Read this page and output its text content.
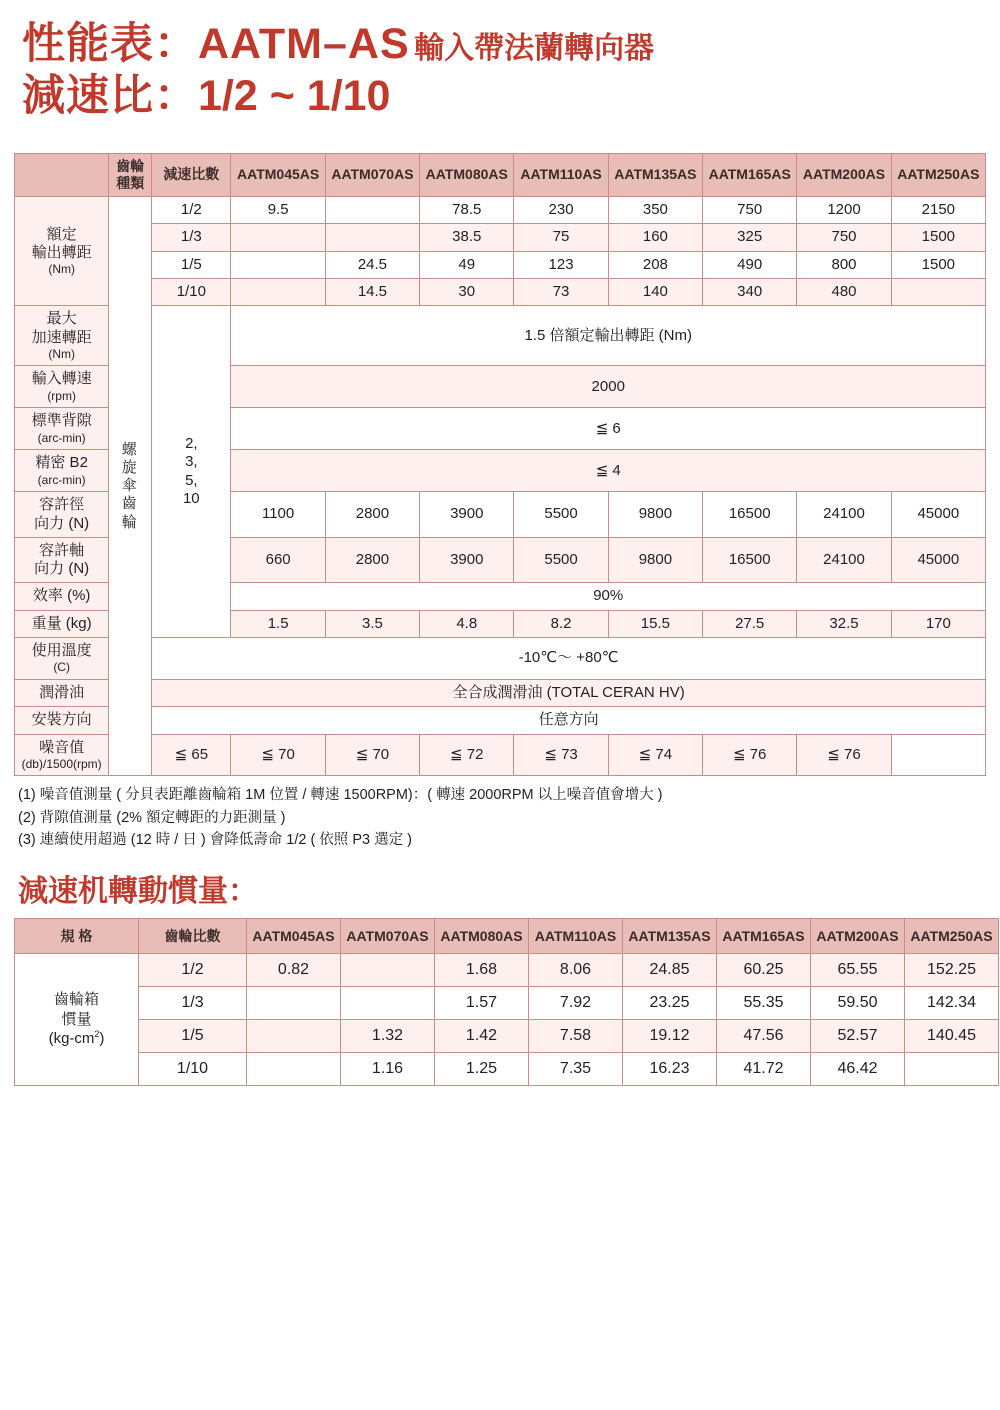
性能表：AATM–AS 輸入帶法蘭轉向器
減速比：1/2 ~ 1/10
	齒輪種類	減速比數	AATM045AS	AATM070AS	AATM080AS	AATM110AS	AATM135AS	AATM165AS	AATM200AS	AATM250AS
額定
輸出轉距

(Nm)	螺
旋
傘
齒
輪	1/2	9.5		78.5	230	350	750	1200	2150
		1/3			38.5	75	160	325	750	1500
		1/5		24.5	49	123	208	490	800	1500
		1/10		14.5	30	73	140	340	480	
最大
加速轉距

(Nm)		2,
3,
5,
10	1.5 倍額定輸出轉距 (Nm)							
輸入轉速

(rpm)			2000							
標準背隙

(arc-min)			≦ 6							
精密 B2

(arc-min)			≦ 4							
容許徑
向力 (N)			1100	2800	3900	5500	9800	16500	24100	45000
容許軸
向力 (N)			660	2800	3900	5500	9800	16500	24100	45000
效率 (%)			90%							
重量 (kg)			1.5	3.5	4.8	8.2	15.5	27.5	32.5	170
使用溫度

(C)		-10℃～ +80℃								
潤滑油		全合成潤滑油 (TOTAL CERAN HV)								
安裝方向		任意方向								
噪音值

(db)/1500(rpm)		≦ 65	≦ 70	≦ 70	≦ 72	≦ 73	≦ 74	≦ 76	≦ 76	
(1) 噪音值測量 ( 分貝表距離齒輪箱 1M 位置 / 轉速 1500RPM)：( 轉速 2000RPM 以上噪音值會增大 )
(2) 背隙值測量 (2% 額定轉距的力距測量 )
(3) 連續使用超過 (12 時 / 日 ) 會降低壽命 1/2 ( 依照 P3 選定 )
減速机轉動慣量：
規 格	齒輪比數	AATM045AS	AATM070AS	AATM080AS	AATM110AS	AATM135AS	AATM165AS	AATM200AS	AATM250AS
齒輪箱
慣量
$(kg-cm^2)$	1/2	0.82		1.68	8.06	24.85	60.25	65.55	152.25
	1/3			1.57	7.92	23.25	55.35	59.50	142.34
	1/5		1.32	1.42	7.58	19.12	47.56	52.57	140.45
	1/10		1.16	1.25	7.35	16.23	41.72	46.42	
